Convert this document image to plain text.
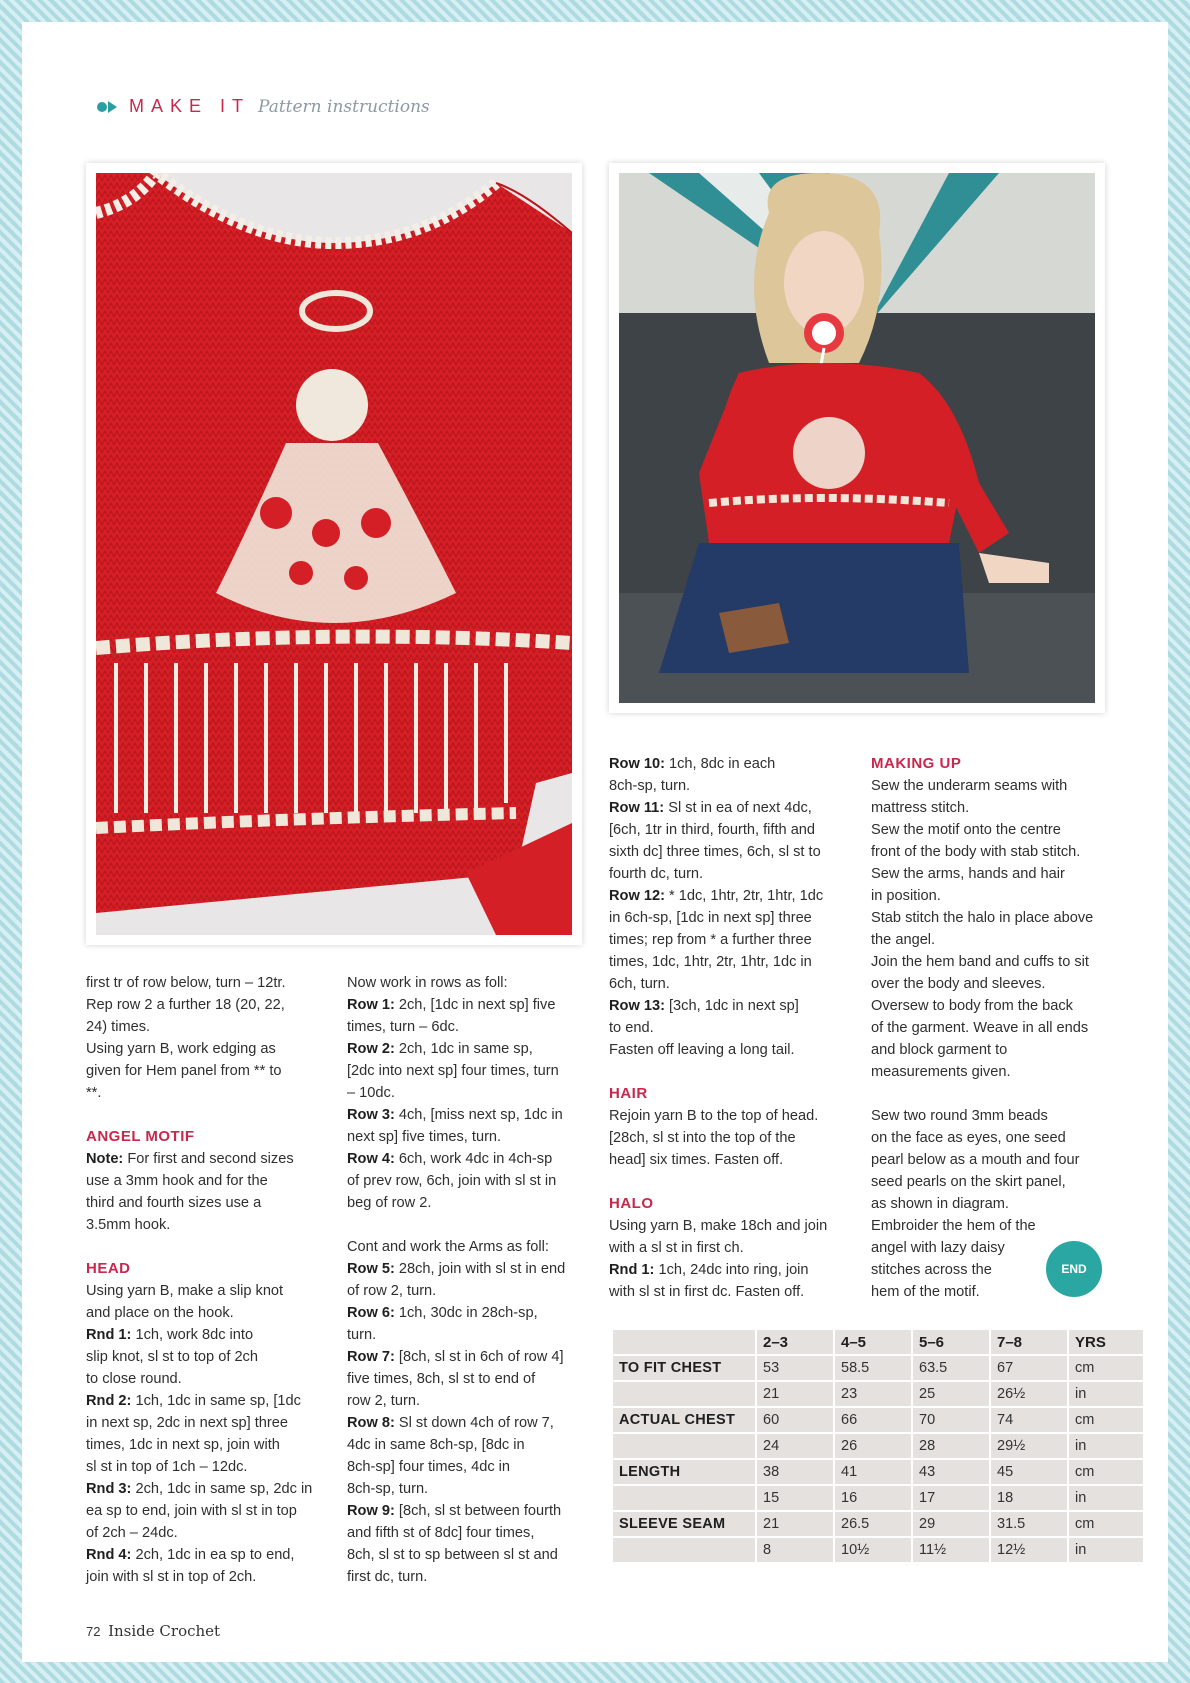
MAKE IT Pattern instructions
first tr of row below, turn – 12tr.
Rep row 2 a further 18 (20, 22,
24) times.
Using yarn B, work edging as
given for Hem panel from ** to
**.
ANGEL MOTIF
Note: For first and second sizes
use a 3mm hook and for the
third and fourth sizes use a
3.5mm hook.
HEAD
Using yarn B, make a slip knot
and place on the hook.
Rnd 1: 1ch, work 8dc into
slip knot, sl st to top of 2ch
to close round.
Rnd 2: 1ch, 1dc in same sp, [1dc
in next sp, 2dc in next sp] three
times, 1dc in next sp, join with
sl st in top of 1ch – 12dc.
Rnd 3: 2ch, 1dc in same sp, 2dc in
ea sp to end, join with sl st in top
of 2ch – 24dc.
Rnd 4: 2ch, 1dc in ea sp to end,
join with sl st in top of 2ch.
Now work in rows as foll:
Row 1: 2ch, [1dc in next sp] five
times, turn – 6dc.
Row 2: 2ch, 1dc in same sp,
[2dc into next sp] four times, turn
– 10dc.
Row 3: 4ch, [miss next sp, 1dc in
next sp] five times, turn.
Row 4: 6ch, work 4dc in 4ch-sp
of prev row, 6ch, join with sl st in
beg of row 2.
Cont and work the Arms as foll:
Row 5: 28ch, join with sl st in end
of row 2, turn.
Row 6: 1ch, 30dc in 28ch-sp,
turn.
Row 7: [8ch, sl st in 6ch of row 4]
five times, 8ch, sl st to end of
row 2, turn.
Row 8: Sl st down 4ch of row 7,
4dc in same 8ch-sp, [8dc in
8ch-sp] four times, 4dc in
8ch-sp, turn.
Row 9: [8ch, sl st between fourth
and fifth st of 8dc] four times,
8ch, sl st to sp between sl st and
first dc, turn.
Row 10: 1ch, 8dc in each
8ch-sp, turn.
Row 11: Sl st in ea of next 4dc,
[6ch, 1tr in third, fourth, fifth and
sixth dc] three times, 6ch, sl st to
fourth dc, turn.
Row 12: * 1dc, 1htr, 2tr, 1htr, 1dc
in 6ch-sp, [1dc in next sp] three
times; rep from * a further three
times, 1dc, 1htr, 2tr, 1htr, 1dc in
6ch, turn.
Row 13: [3ch, 1dc in next sp]
to end.
Fasten off leaving a long tail.
HAIR
Rejoin yarn B to the top of head.
[28ch, sl st into the top of the
head] six times. Fasten off.
HALO
Using yarn B, make 18ch and join
with a sl st in first ch.
Rnd 1: 1ch, 24dc into ring, join
with sl st in first dc. Fasten off.
MAKING UP
Sew the underarm seams with
mattress stitch.
Sew the motif onto the centre
front of the body with stab stitch.
Sew the arms, hands and hair
in position.
Stab stitch the halo in place above
the angel.
Join the hem band and cuffs to sit
over the body and sleeves.
Oversew to body from the back
of the garment. Weave in all ends
and block garment to
measurements given.
Sew two round 3mm beads
on the face as eyes, one seed
pearl below as a mouth and four
seed pearls on the skirt panel,
as shown in diagram.
Embroider the hem of the
angel with lazy daisy
stitches across the
hem of the motif.
END
	2–3	4–5	5–6	7–8	YRS
TO FIT CHEST	53	58.5	63.5	67	cm
	21	23	25	26½	in
ACTUAL CHEST	60	66	70	74	cm
	24	26	28	29½	in
LENGTH	38	41	43	45	cm
	15	16	17	18	in
SLEEVE SEAM	21	26.5	29	31.5	cm
	8	10½	11½	12½	in
72 Inside Crochet
